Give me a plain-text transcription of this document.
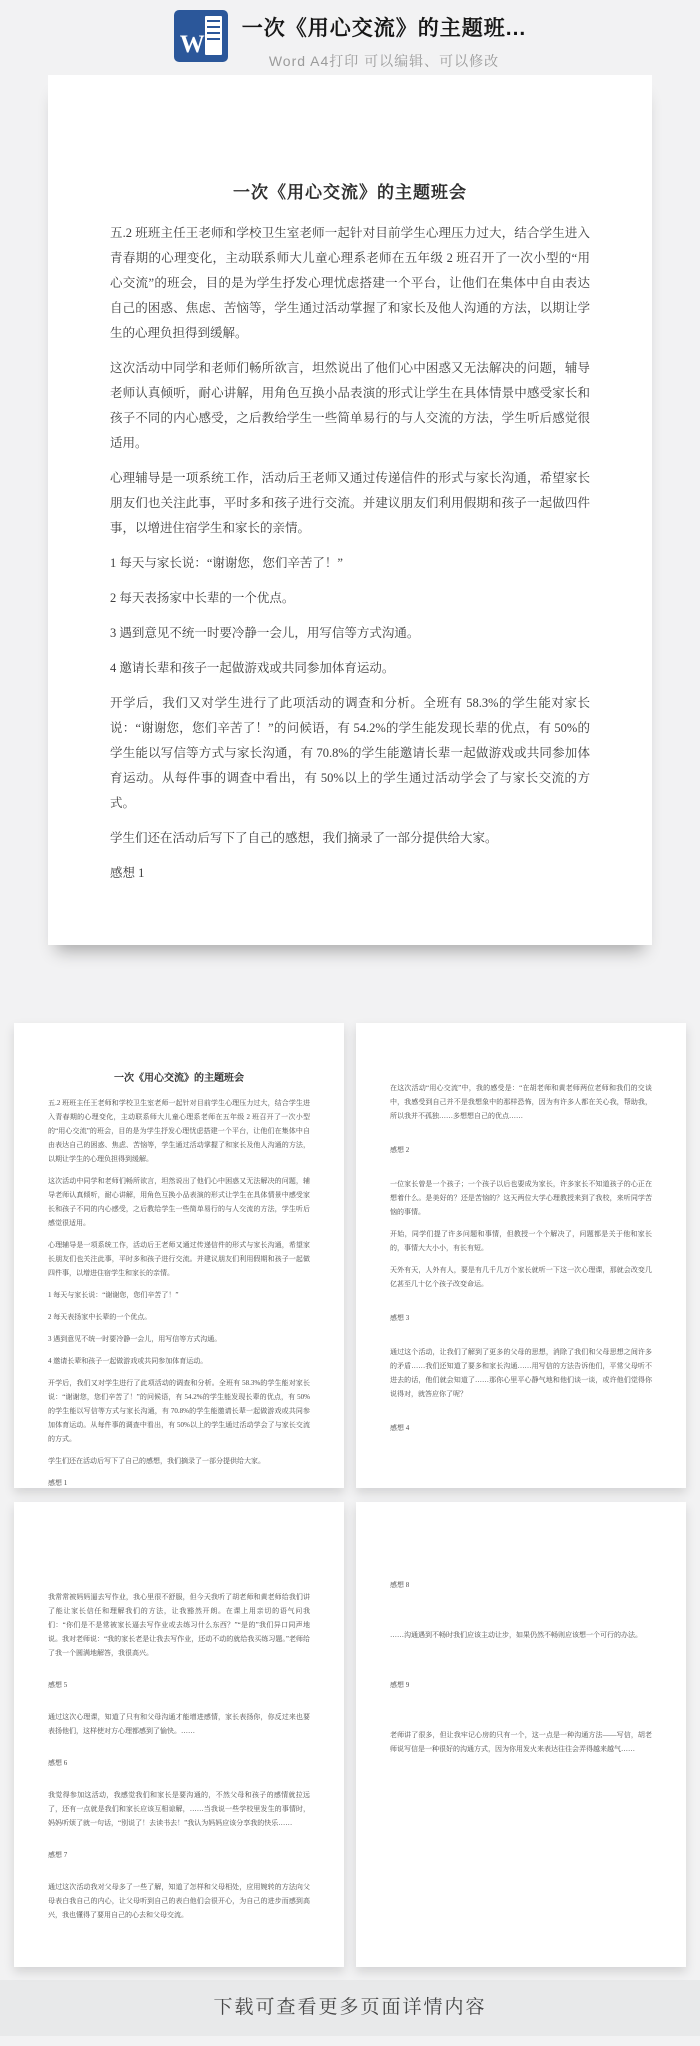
W
一次《用心交流》的主题班...
Word A4打印 可以编辑、可以修改
一次《用心交流》的主题班会

五.2 班班主任王老师和学校卫生室老师一起针对目前学生心理压力过大，结合学生进入青春期的心理变化，主动联系师大儿童心理系老师在五年级 2 班召开了一次小型的“用心交流”的班会，目的是为学生抒发心理忧虑搭建一个平台，让他们在集体中自由表达自己的困惑、焦虑、苦恼等，学生通过活动掌握了和家长及他人沟通的方法，以期让学生的心理负担得到缓解。

这次活动中同学和老师们畅所欲言，坦然说出了他们心中困惑又无法解决的问题，辅导老师认真倾听，耐心讲解，用角色互换小品表演的形式让学生在具体情景中感受家长和孩子不同的内心感受，之后教给学生一些简单易行的与人交流的方法，学生听后感觉很适用。

心理辅导是一项系统工作，活动后王老师又通过传递信件的形式与家长沟通，希望家长朋友们也关注此事，平时多和孩子进行交流。并建议朋友们利用假期和孩子一起做四件事，以增进住宿学生和家长的亲情。

1 每天与家长说：“谢谢您，您们辛苦了！”

2 每天表扬家中长辈的一个优点。

3 遇到意见不统一时要冷静一会儿，用写信等方式沟通。

4 邀请长辈和孩子一起做游戏或共同参加体育运动。

开学后，我们又对学生进行了此项活动的调查和分析。全班有 58.3%的学生能对家长说：“谢谢您，您们辛苦了！”的问候语，有 54.2%的学生能发现长辈的优点，有 50%的学生能以写信等方式与家长沟通，有 70.8%的学生能邀请长辈一起做游戏或共同参加体育运动。从每件事的调查中看出，有 50%以上的学生通过活动学会了与家长交流的方式。

学生们还在活动后写下了自己的感想，我们摘录了一部分提供给大家。

感想 1

一次《用心交流》的主题班会

五.2 班班主任王老师和学校卫生室老师一起针对目前学生心理压力过大，结合学生进入青春期的心理变化，主动联系师大儿童心理系老师在五年级 2 班召开了一次小型的“用心交流”的班会，目的是为学生抒发心理忧虑搭建一个平台，让他们在集体中自由表达自己的困惑、焦虑、苦恼等，学生通过活动掌握了和家长及他人沟通的方法，以期让学生的心理负担得到缓解。

这次活动中同学和老师们畅所欲言，坦然说出了他们心中困惑又无法解决的问题，辅导老师认真倾听，耐心讲解，用角色互换小品表演的形式让学生在具体情景中感受家长和孩子不同的内心感受，之后教给学生一些简单易行的与人交流的方法，学生听后感觉很适用。

心理辅导是一项系统工作，活动后王老师又通过传递信件的形式与家长沟通，希望家长朋友们也关注此事，平时多和孩子进行交流。并建议朋友们利用假期和孩子一起做四件事，以增进住宿学生和家长的亲情。

1 每天与家长说：“谢谢您，您们辛苦了！”

2 每天表扬家中长辈的一个优点。

3 遇到意见不统一时要冷静一会儿，用写信等方式沟通。

4 邀请长辈和孩子一起做游戏或共同参加体育运动。

开学后，我们又对学生进行了此项活动的调查和分析。全班有 58.3%的学生能对家长说：“谢谢您，您们辛苦了！”的问候语，有 54.2%的学生能发现长辈的优点，有 50%的学生能以写信等方式与家长沟通，有 70.8%的学生能邀请长辈一起做游戏或共同参加体育运动。从每件事的调查中看出，有 50%以上的学生通过活动学会了与家长交流的方式。

学生们还在活动后写下了自己的感想，我们摘录了一部分提供给大家。

感想 1

在这次活动“用心交流”中，我的感受是：“在胡老师和黄老师两位老师和我们的交谈中，我感受到自己并不是我想象中的那样恐怖，因为有许多人都在关心我，帮助我，所以我并不孤独……多想想自己的优点……

感想 2

一位家长曾是一个孩子；一个孩子以后也要成为家长，许多家长不知道孩子的心正在想着什么。是美好的？还是苦恼的？这天两位大学心理教授来到了我校，来听同学苦恼的事情。

开始，同学们提了许多问题和事情，但教授一个个解决了，问题都是关于他和家长的，事情大大小小，有长有短。

天外有天，人外有人，要是有几千几万个家长就听一下这一次心理课，那就会改变几亿甚至几十亿个孩子改变命运。

感想 3

通过这个活动，让我们了解到了更多的父母的思想，消除了我们和父母思想之间许多的矛盾……我们还知道了要多和家长沟通……用写信的方法告诉他们，平常父母听不进去的话，他们就会知道了……那你心里平心静气地和他们谈一谈，或许他们觉得你说得对，就答应你了呢？

感想 4

我常常被妈妈逼去写作业，我心里很不舒服，但今天我听了胡老师和黄老师给我们讲了能让家长信任和理解我们的方法，让我豁然开朗。在课上用亲切的语气问我们：“你们是不是常被家长逼去写作业或去练习什么东西？”“是的”我们异口同声地说。我对老师说：“我的家长老是让我去写作业，还动不动的就给我买练习题。”老师给了我一个圆满地解答，我很高兴。

感想 5

通过这次心理课，知道了只有和父母沟通才能增进感情，家长表扬你，你反过来也要表扬他们，这样使对方心理都感到了愉快。……

感想 6

我觉得参加这活动，我感觉我们和家长是要沟通的，不然父母和孩子的感情就拉远了，还有一点就是我们和家长应该互相谅解，……当我说一些学校里发生的事情时，妈妈听烦了就一句话，“别说了！去读书去！”我认为妈妈应该分享我的快乐……

感想 7

通过这次活动我对父母多了一些了解，知道了怎样和父母相处，应用婉转的方法向父母表白我自己的内心，让父母听到自己的表白他们会很开心，为自己的进步而感到高兴，我也懂得了要用自己的心去和父母交流。

感想 8

……沟通遇到不畅时我们应该主动让步，如果仍然不畅则应该想一个可行的办法。

感想 9

老师讲了很多，但让我牢记心房的只有一个，这一点是一种沟通方法——写信，胡老师说写信是一种很好的沟通方式，因为你用发火来表达往往会弄得越来越气……

下载可查看更多页面详情内容
